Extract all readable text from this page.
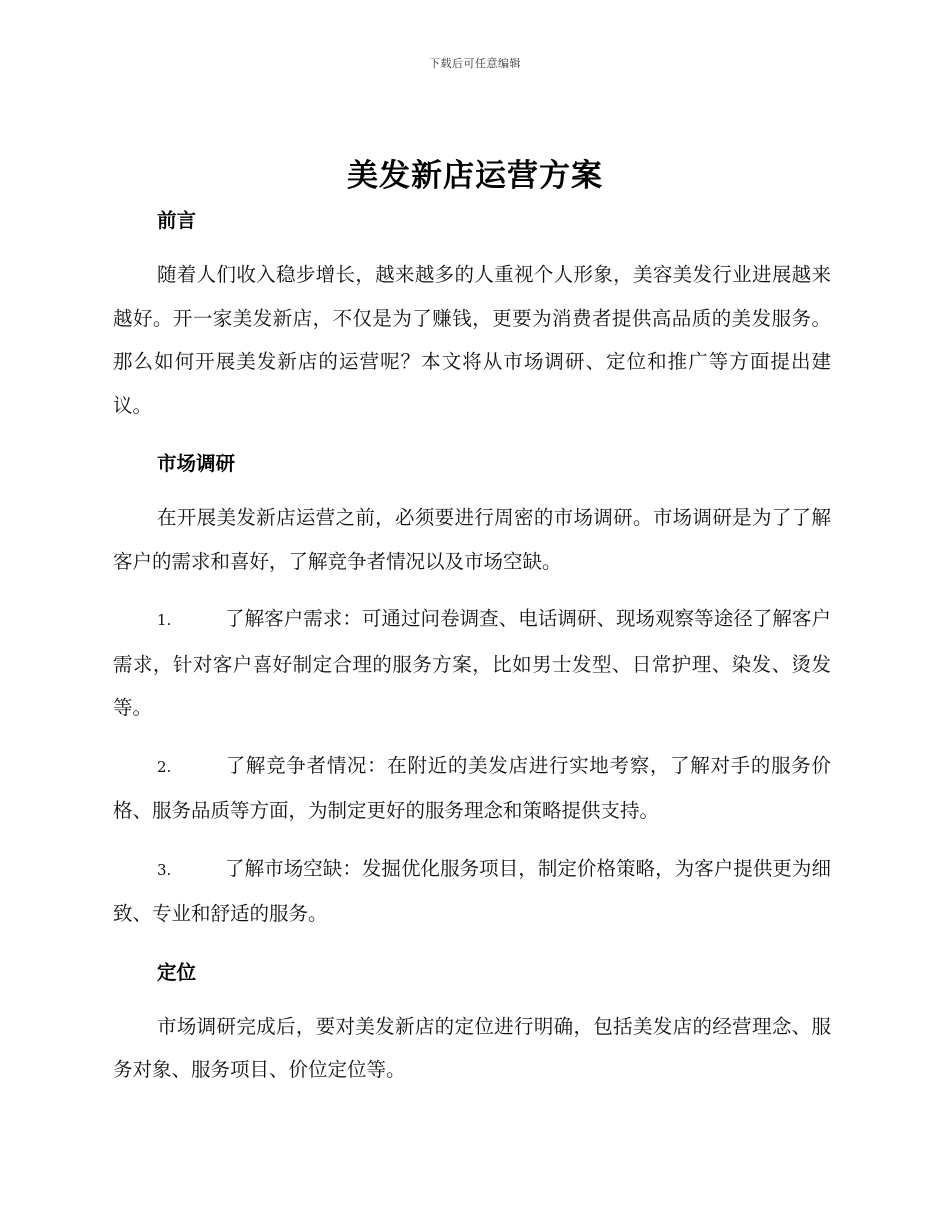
下载后可任意编辑
美发新店运营方案

前言

随着人们收入稳步增长，越来越多的人重视个人形象，美容美发行业进展越来越好。开一家美发新店，不仅是为了赚钱，更要为消费者提供高品质的美发服务。那么如何开展美发新店的运营呢？本文将从市场调研、定位和推广等方面提出建议。

市场调研

在开展美发新店运营之前，必须要进行周密的市场调研。市场调研是为了了解客户的需求和喜好，了解竞争者情况以及市场空缺。

1.	了解客户需求：可通过问卷调查、电话调研、现场观察等途径了解客户需求，针对客户喜好制定合理的服务方案，比如男士发型、日常护理、染发、烫发等。

2.	了解竞争者情况：在附近的美发店进行实地考察，了解对手的服务价格、服务品质等方面，为制定更好的服务理念和策略提供支持。

3.	了解市场空缺：发掘优化服务项目，制定价格策略，为客户提供更为细致、专业和舒适的服务。

定位

市场调研完成后，要对美发新店的定位进行明确，包括美发店的经营理念、服务对象、服务项目、价位定位等。
